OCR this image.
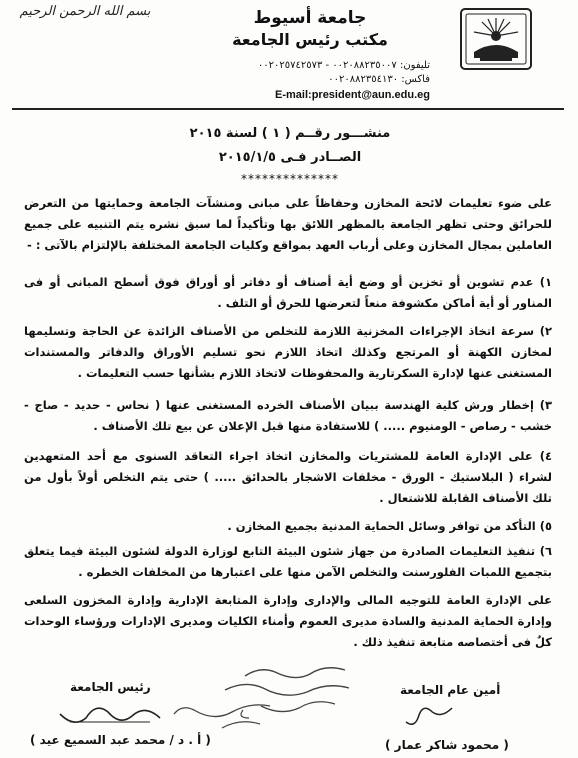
بسم الله الرحمن الرحيم	جامعة أسيوط
مكتب رئيس الجامعة
تليفون: ٠٠٢٠٨٨٢٣٥٠٠٧ - ٠٠٢٠٢٥٧٤٢٥٧٣
فاكس: ٠٠٢٠٨٨٢٣٥٤١٣٠
E-mail:president@aun.edu.eg
منشـــور رقــم ( ١ ) لسنة ٢٠١٥
الصــادر فـى ٢٠١٥/١/٥
**************
على ضوء تعليمات لائحة المخازن وحفاظاً على مبانى ومنشآت الجامعة وحمايتها من التعرض للحرائق وحتى تظهر الجامعة بالمظهر اللائق بها وتأكيداً لما سبق نشره يتم التنبيه على جميع العاملين بمجال المخازن وعلى أرباب العهد بمواقع وكليات الجامعة المختلفة بالإلتزام بالآتى : -
١) عدم تشوين أو تخزين أو وضع أية أصناف أو دفاتر أو أوراق فوق أسطح المبانى أو فى المناور أو أية أماكن مكشوفة منعاً لتعرضها للحرق أو التلف .
٢) سرعة اتخاذ الإجراءات المخزنية اللازمة للتخلص من الأصناف الزائدة عن الحاجة وتسليمها لمخازن الكهنة أو المرتجع وكذلك اتخاذ اللازم نحو تسليم الأوراق والدفاتر والمستندات المستغنى عنها لإدارة السكرتارية والمحفوظات لاتخاذ اللازم بشأنها حسب التعليمات .
٣) إخطار ورش كلية الهندسة ببيان الأصناف الخرده المستغنى عنها ( نحاس - حديد - صاج - خشب - رصاص - الومنيوم ..... ) للاستفادة منها قبل الإعلان عن بيع تلك الأصناف .
٤) على الإدارة العامة للمشتريات والمخازن اتخاذ اجراء التعاقد السنوى مع أحد المتعهدين لشراء ( البلاستيك - الورق - مخلفات الاشجار بالحدائق ..... ) حتى يتم التخلص أولاً بأول من تلك الأصناف القابلة للاشتعال .
٥) التأكد من توافر وسائل الحماية المدنية بجميع المخازن .
٦) تنفيذ التعليمات الصادرة من جهاز شئون البيئة التابع لوزارة الدولة لشئون البيئة فيما يتعلق بتجميع اللمبات الفلورسنت والتخلص الآمن منها على اعتبارها من المخلفات الخطره .
على الإدارة العامة للتوجيه المالى والإدارى وإدارة المتابعة الإدارية وإدارة المخزون السلعى وإدارة الحماية المدنية والسادة مديرى العموم وأمناء الكليات ومديرى الإدارات ورؤساء الوحدات كلٌ فى أختصاصه متابعة تنفيذ ذلك .
رئيس الجامعة	أمين عام الجامعة
( أ . د / محمد عبد السميع عيد )	( محمود شاكر عمار )
